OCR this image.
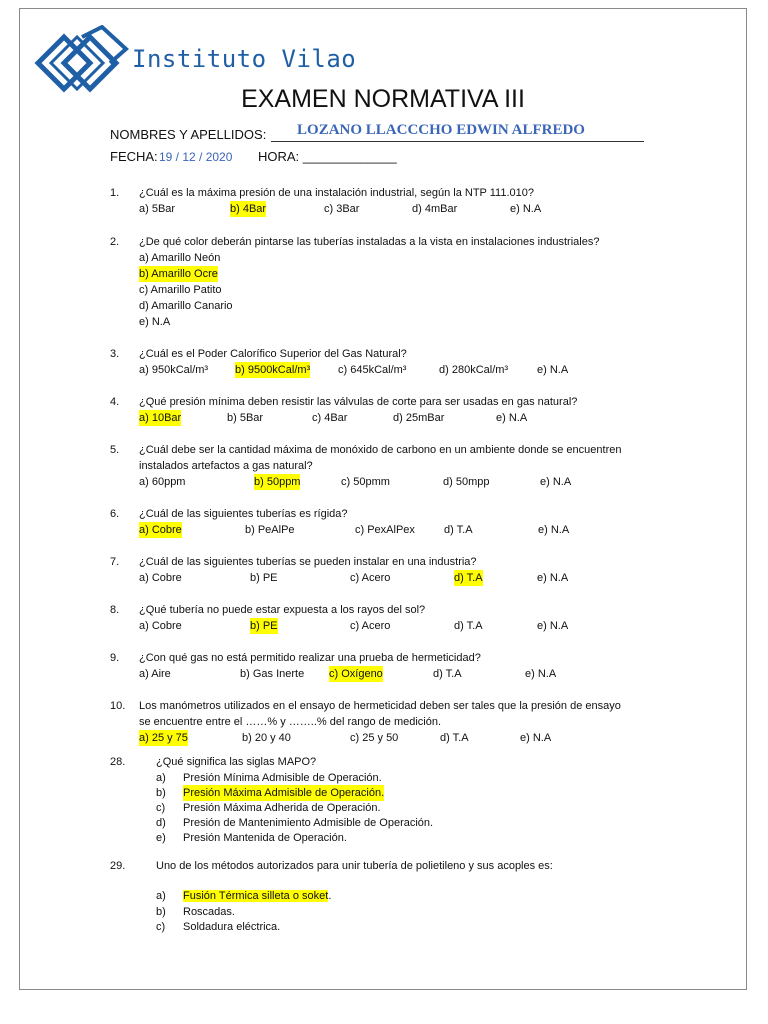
Instituto Vilao
EXAMEN NORMATIVA III
NOMBRES Y APELLIDOS:	LOZANO LLACCCHO EDWIN ALFREDO
FECHA: 19 / 12 / 2020 HORA: _____________
1. ¿Cuál es la máxima presión de una instalación industrial, según la NTP 111.010?
a) 5Bar	b) 4Bar	c) 3Bar	d) 4mBar	e) N.A
2. ¿De qué color deberán pintarse las tuberías instaladas a la vista en instalaciones industriales?
a) Amarillo Neón
b) Amarillo Ocre
c) Amarillo Patito
d) Amarillo Canario
e) N.A
3. ¿Cuál es el Poder Calorífico Superior del Gas Natural?
a) 950kCal/m³ b) 9500kCal/m³	c) 645kCal/m³	d) 280kCal/m³	e) N.A
4. ¿Qué presión mínima deben resistir las válvulas de corte para ser usadas en gas natural?
a) 10Bar	b) 5Bar	c) 4Bar	d) 25mBar	e) N.A
5. ¿Cuál debe ser la cantidad máxima de monóxido de carbono en un ambiente donde se encuentren
instalados artefactos a gas natural?
a) 60ppm	b) 50ppm	c) 50pmm	d) 50mpp	e) N.A
6. ¿Cuál de las siguientes tuberías es rígida?
a) Cobre	b) PeAlPe	c) PexAlPex	d) T.A	e) N.A
7. ¿Cuál de las siguientes tuberías se pueden instalar en una industria?
a) Cobre	b) PE	c) Acero	d) T.A	e) N.A
8. ¿Qué tubería no puede estar expuesta a los rayos del sol?
a) Cobre	b) PE	c) Acero	d) T.A	e) N.A
9. ¿Con qué gas no está permitido realizar una prueba de hermeticidad?
a) Aire	b) Gas Inerte c) Oxígeno	d) T.A	e) N.A
10. Los manómetros utilizados en el ensayo de hermeticidad deben ser tales que la presión de ensayo
se encuentre entre el ……% y ……..% del rango de medición.
a) 25 y 75	b) 20 y 40	c) 25 y 50	d) T.A	e) N.A
28.	¿Qué significa las siglas MAPO?
a) Presión Mínima Admisible de Operación.
b) Presión Máxima Admisible de Operación.
c) Presión Máxima Adherida de Operación.
d) Presión de Mantenimiento Admisible de Operación.
e) Presión Mantenida de Operación.
29.	Uno de los métodos autorizados para unir tubería de polietileno y sus acoples es:
a) Fusión Térmica silleta o soket.
b) Roscadas.
c) Soldadura eléctrica.
